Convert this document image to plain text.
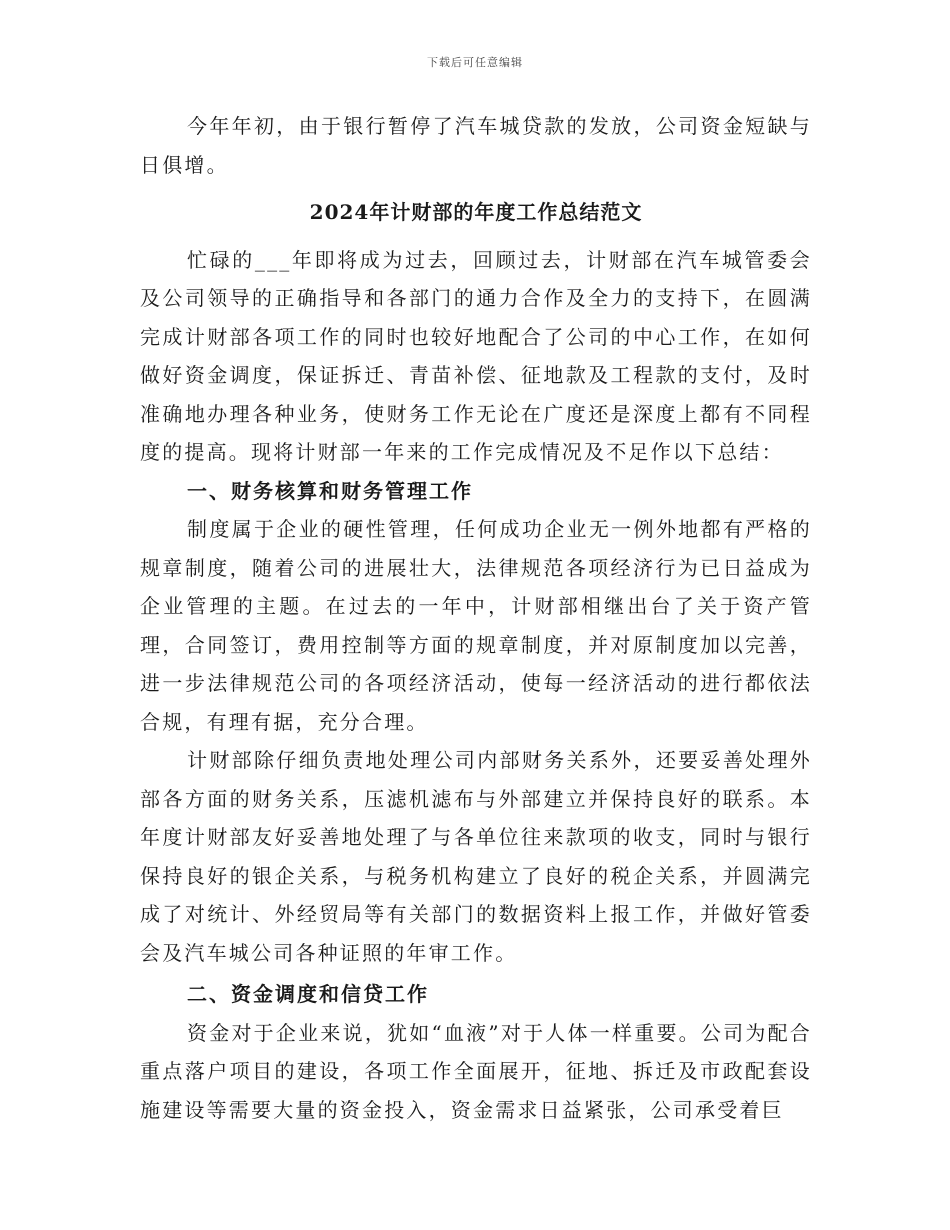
下载后可任意编辑

今年年初，由于银行暂停了汽车城贷款的发放，公司资金短缺与日俱增。

2024年计财部的年度工作总结范文

忙碌的___年即将成为过去，回顾过去，计财部在汽车城管委会及公司领导的正确指导和各部门的通力合作及全力的支持下，在圆满完成计财部各项工作的同时也较好地配合了公司的中心工作，在如何做好资金调度，保证拆迁、青苗补偿、征地款及工程款的支付，及时准确地办理各种业务，使财务工作无论在广度还是深度上都有不同程度的提高。现将计财部一年来的工作完成情况及不足作以下总结：

一、财务核算和财务管理工作

制度属于企业的硬性管理，任何成功企业无一例外地都有严格的规章制度，随着公司的进展壮大，法律规范各项经济行为已日益成为企业管理的主题。在过去的一年中，计财部相继出台了关于资产管理，合同签订，费用控制等方面的规章制度，并对原制度加以完善，进一步法律规范公司的各项经济活动，使每一经济活动的进行都依法合规，有理有据，充分合理。

计财部除仔细负责地处理公司内部财务关系外，还要妥善处理外部各方面的财务关系，压滤机滤布与外部建立并保持良好的联系。本年度计财部友好妥善地处理了与各单位往来款项的收支，同时与银行保持良好的银企关系，与税务机构建立了良好的税企关系，并圆满完成了对统计、外经贸局等有关部门的数据资料上报工作，并做好管委会及汽车城公司各种证照的年审工作。

二、资金调度和信贷工作

资金对于企业来说，犹如“血液”对于人体一样重要。公司为配合重点落户项目的建设，各项工作全面展开，征地、拆迁及市政配套设施建设等需要大量的资金投入，资金需求日益紧张，公司承受着巨
